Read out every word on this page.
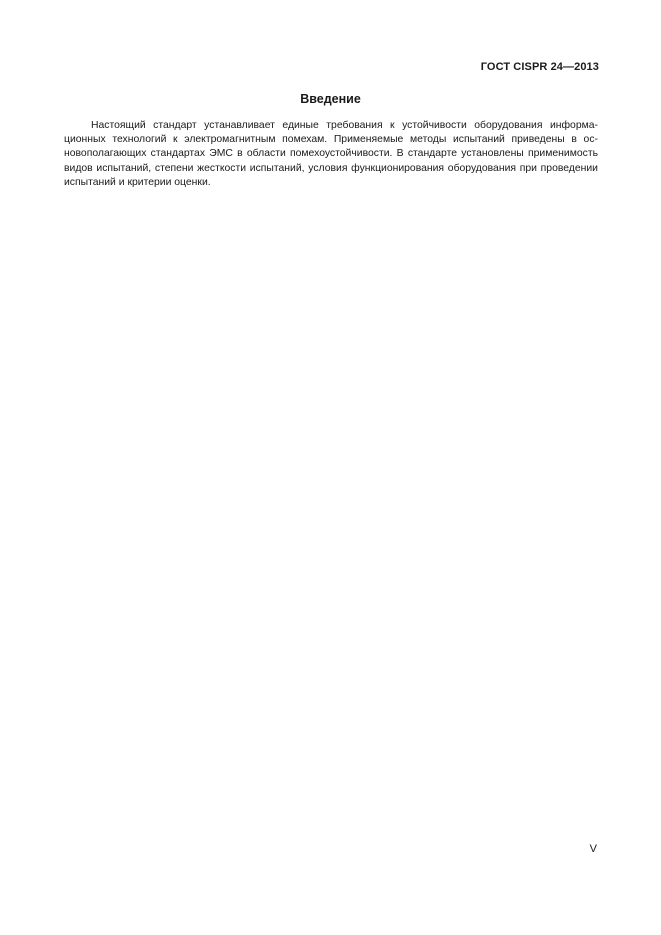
ГОСТ CISPR 24—2013
Введение

Настоящий стандарт устанавливает единые требования к устойчивости оборудования информационных технологий к электромагнитным помехам. Применяемые методы испытаний приведены в основополагающих стандартах ЭМС в области помехоустойчивости. В стандарте установлены применимость видов испытаний, степени жесткости испытаний, условия функционирования оборудования при проведении испытаний и критерии оценки.

V
